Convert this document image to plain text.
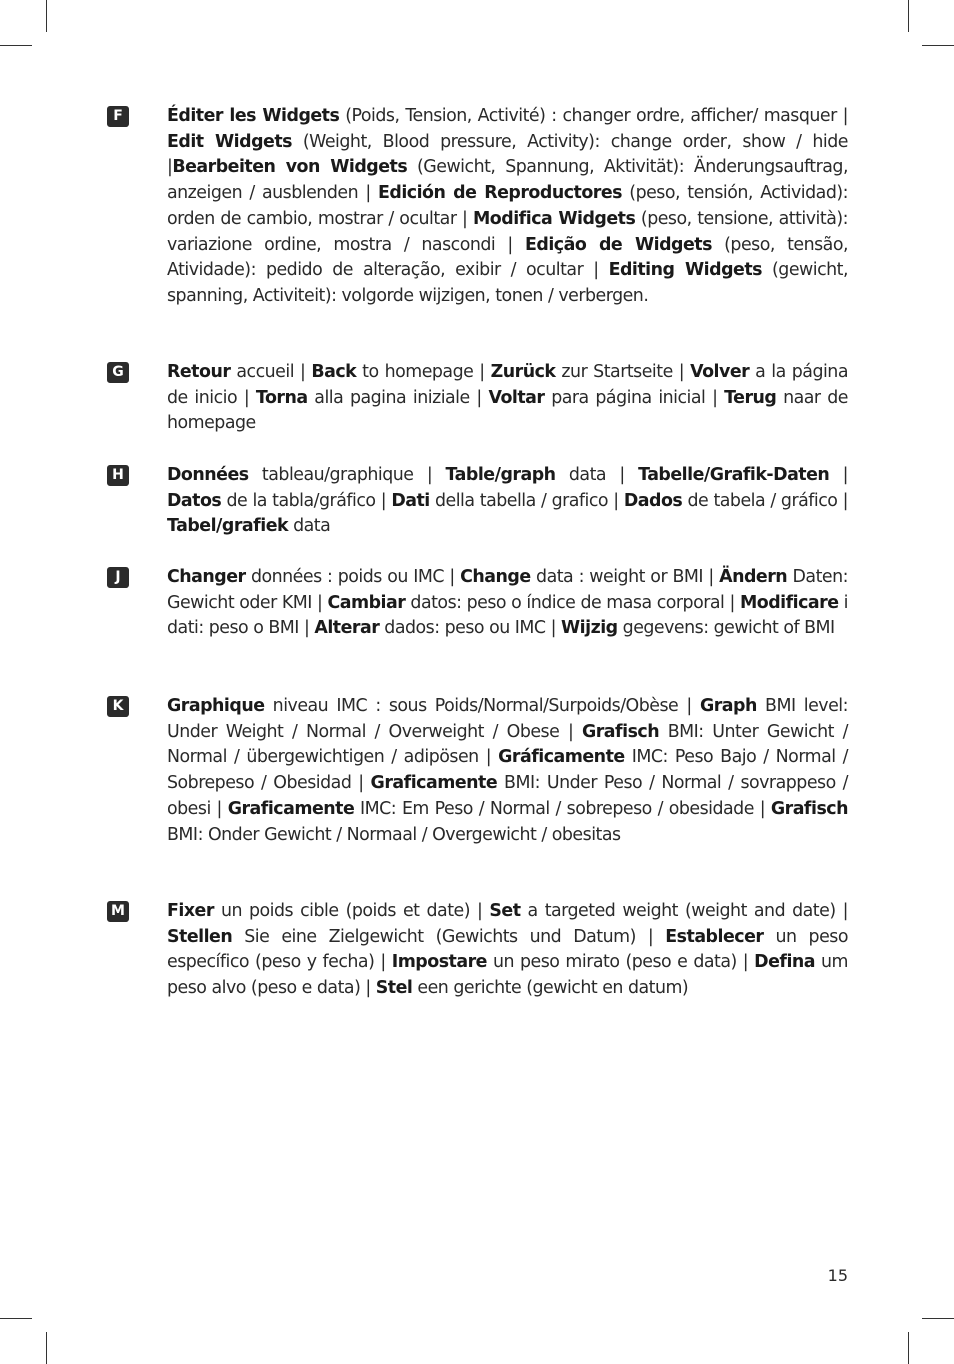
F	Éditer les Widgets (Poids, Tension, Activité) : changer ordre, afficher/ masquer | Edit Widgets (Weight, Blood pressure, Activity): change order, show / hide |Bearbeiten von Widgets (Gewicht, Spannung, Aktivität): Änderungsauftrag, anzeigen / ausblenden | Edición de Reproductores (peso, tensión, Actividad): orden de cambio, mostrar / ocultar | Modifica Widgets (peso, tensione, attività): variazione ordine, mostra / nascondi | Edição de Widgets (peso, tensão, Atividade): pedido de alteração, exibir / ocultar | Editing Widgets (gewicht, spanning, Activiteit): volgorde wijzigen, tonen / verbergen.

G	Retour accueil | Back to homepage | Zurück zur Startseite | Volver a la página de inicio | Torna alla pagina iniziale | Voltar para página inicial | Terug naar de homepage

H Données tableau/graphique | Table/graph data | Tabelle/Grafik-Daten | Datos de la tabla/gráfico | Dati della tabella / grafico | Dados de tabela / gráfico | Tabel/grafiek data

J	Changer données : poids ou IMC | Change data : weight or BMI | Ändern Daten: Gewicht oder KMI | Cambiar datos: peso o índice de masa corporal | Modificare i dati: peso o BMI | Alterar dados: peso ou IMC | Wijzig gegevens: gewicht of BMI

K	Graphique niveau IMC : sous Poids/Normal/Surpoids/Obèse | Graph BMI level: Under Weight / Normal / Overweight / Obese | Grafisch BMI: Unter Gewicht / Normal / übergewichtigen / adipösen | Gráficamente IMC: Peso Bajo / Normal / Sobrepeso / Obesidad | Graficamente BMI: Under Peso / Normal / sovrappeso / obesi | Graficamente IMC: Em Peso / Normal / sobrepeso / obesidade | Grafisch BMI: Onder Gewicht / Normaal / Overgewicht / obesitas

M Fixer un poids cible (poids et date) | Set a targeted weight (weight and date) | Stellen Sie eine Zielgewicht (Gewichts und Datum) | Establecer un peso específico (peso y fecha) | Impostare un peso mirato (peso e data) | Defina um peso alvo (peso e data) | Stel een gerichte (gewicht en datum)

15
